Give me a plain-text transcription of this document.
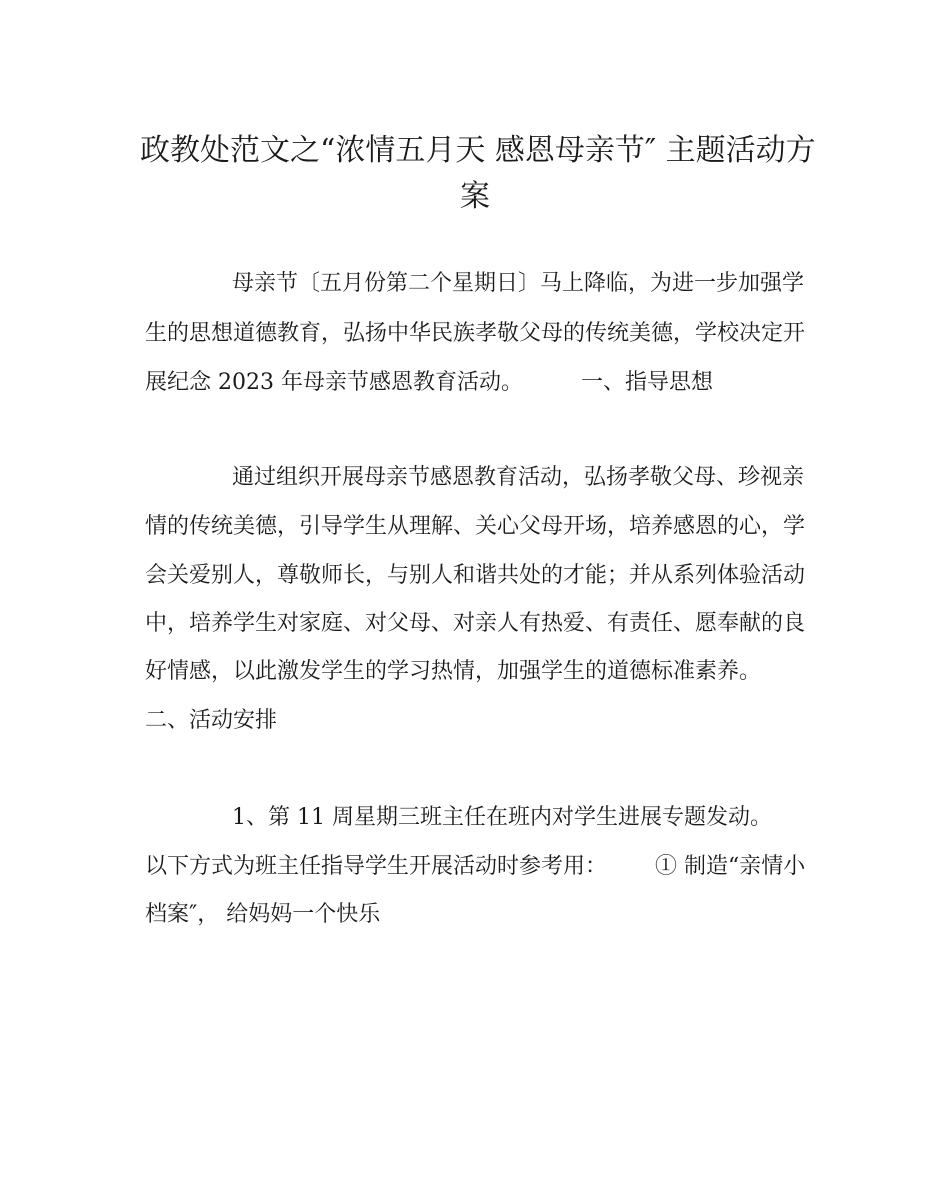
政教处范文之“浓情五月天 感恩母亲节″ 主题活动方
案
母亲节〔五月份第二个星期日〕马上降临，为进一步加强学
生的思想道德教育，弘扬中华民族孝敬父母的传统美德，学校决定开
展纪念 2023 年母亲节感恩教育活动。	一、指导思想
通过组织开展母亲节感恩教育活动，弘扬孝敬父母、珍视亲
情的传统美德，引导学生从理解、关心父母开场，培养感恩的心，学
会关爱别人，尊敬师长，与别人和谐共处的才能；并从系列体验活动
中，培养学生对家庭、对父母、对亲人有热爱、有责任、愿奉献的良
好情感，以此激发学生的学习热情，加强学生的道德标准素养。
二、活动安排
1、第 11 周星期三班主任在班内对学生进展专题发动。
以下方式为班主任指导学生开展活动时参考用： ① 制造“亲情小
档案″， 给妈妈一个快乐
